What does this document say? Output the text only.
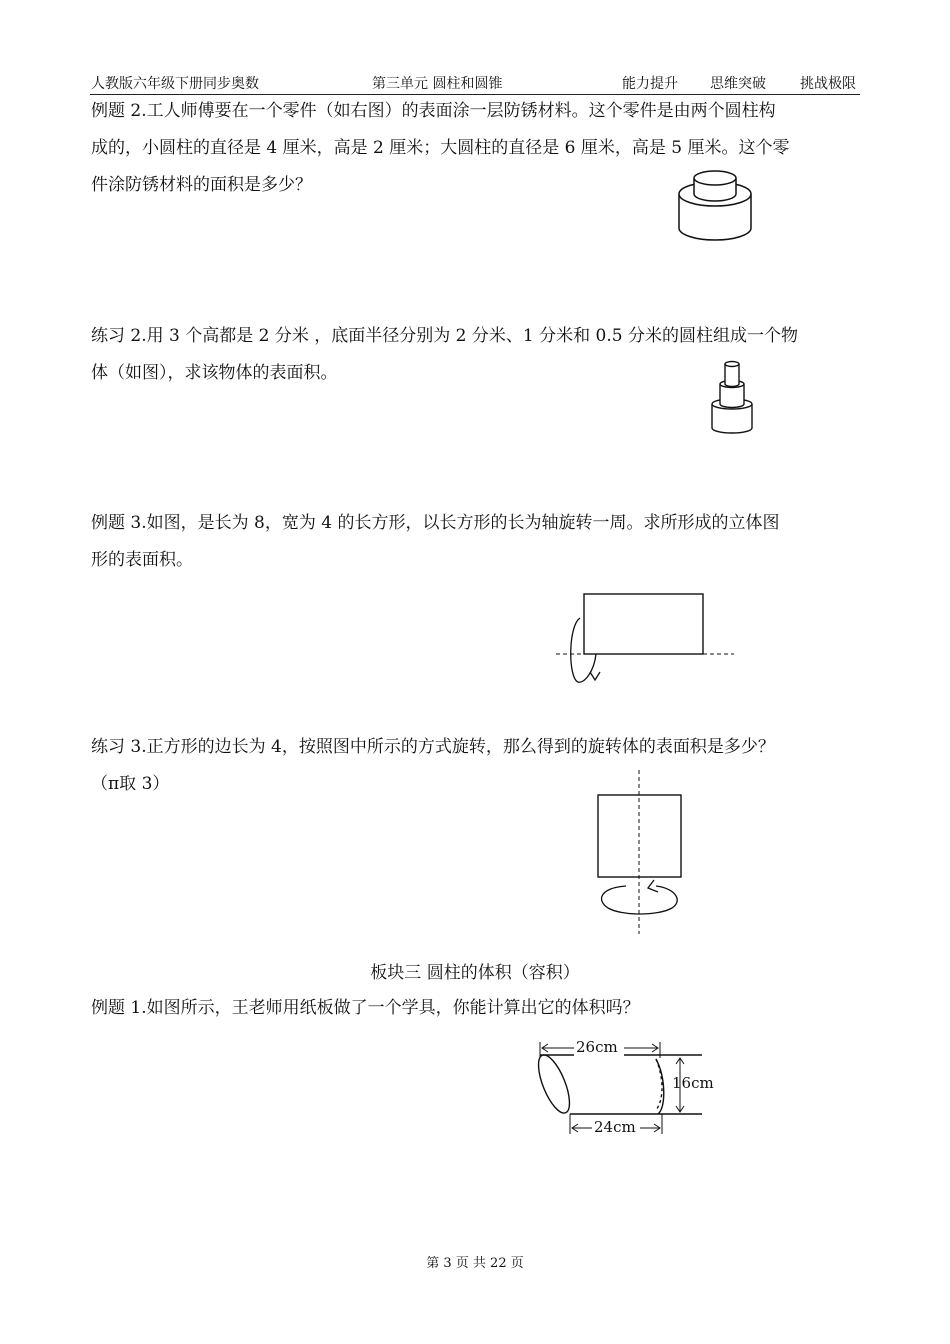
人教版六年级下册同步奥数	第三单元 圆柱和圆锥	能力提升 思维突破 挑战极限
例题 2.工人师傅要在一个零件（如右图）的表面涂一层防锈材料。这个零件是由两个圆柱构
成的，小圆柱的直径是 4 厘米，高是 2 厘米；大圆柱的直径是 6 厘米，高是 5 厘米。这个零
件涂防锈材料的面积是多少？
练习 2.用 3 个高都是 2 分米 ，底面半径分别为 2 分米、1 分米和 0.5 分米的圆柱组成一个物
体（如图），求该物体的表面积。
例题 3.如图，是长为 8，宽为 4 的长方形，以长方形的长为轴旋转一周。求所形成的立体图
形的表面积。
练习 3.正方形的边长为 4，按照图中所示的方式旋转，那么得到的旋转体的表面积是多少？
（π取 3）
板块三 圆柱的体积（容积）
例题 1.如图所示，王老师用纸板做了一个学具，你能计算出它的体积吗？
26cm
24cm
16cm
第 3 页 共 22 页
